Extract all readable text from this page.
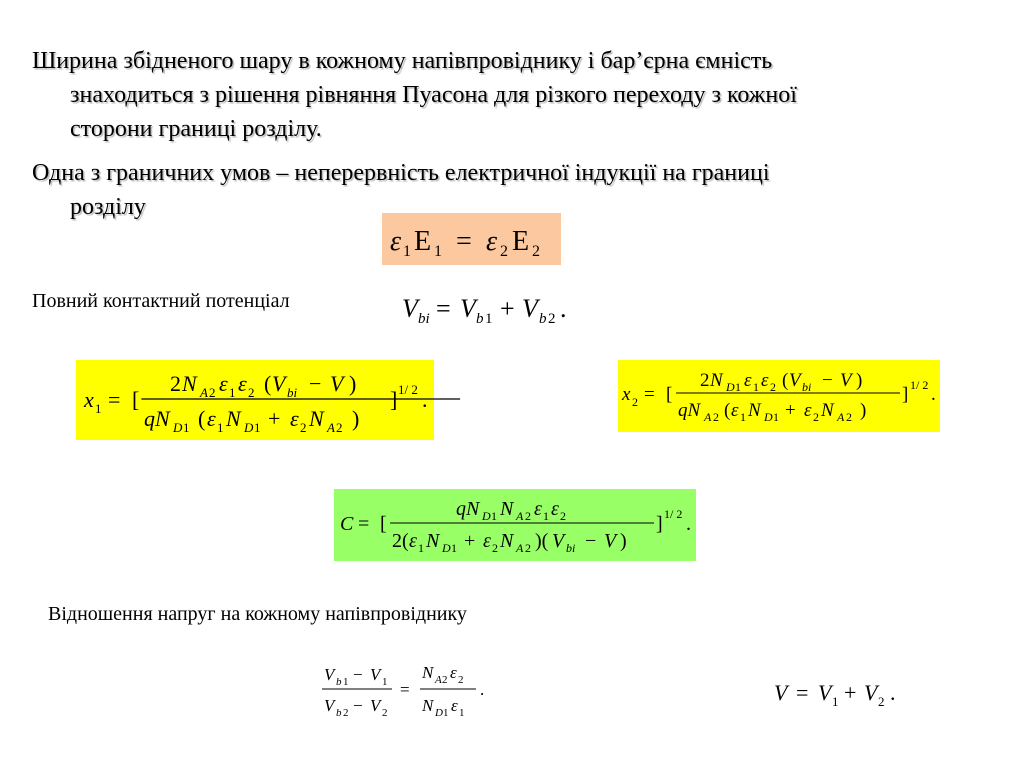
Ширина збідненого шару в кожному напівпровіднику і бар’єрна ємність
знаходиться з рішення рівняння Пуасона для різкого переходу з кожної
сторони границі розділу.
Одна з граничних умов – неперервність електричної індукції на границі
розділу
ε 1 E 1 = ε 2 E 2
Повний контактний потенціал	V bi = V b 1 + V b 2 .
x 1 = [
2 N A 2 ε 1 ε 2 ( V bi − V )
qN D 1 ( ε 1 N D 1 + ε 2 N A 2 )
] 1/ 2 .	x 2 = [
2 N D 1 ε 1 ε 2 ( V bi − V )
qN A 2 ( ε 1 N D 1 + ε 2 N A 2 )
] 1/ 2 .
C = [
qN D 1 N A 2 ε 1 ε 2
2( ε 1 N D 1 + ε 2 N A 2 )( V bi − V )
] 1/ 2 .
Відношення напруг на кожному напівпровіднику
V b 1 − V 1
V b 2 − V 2
=
N A 2 ε 2
N D 1 ε 1
.	V = V 1 + V 2 .
